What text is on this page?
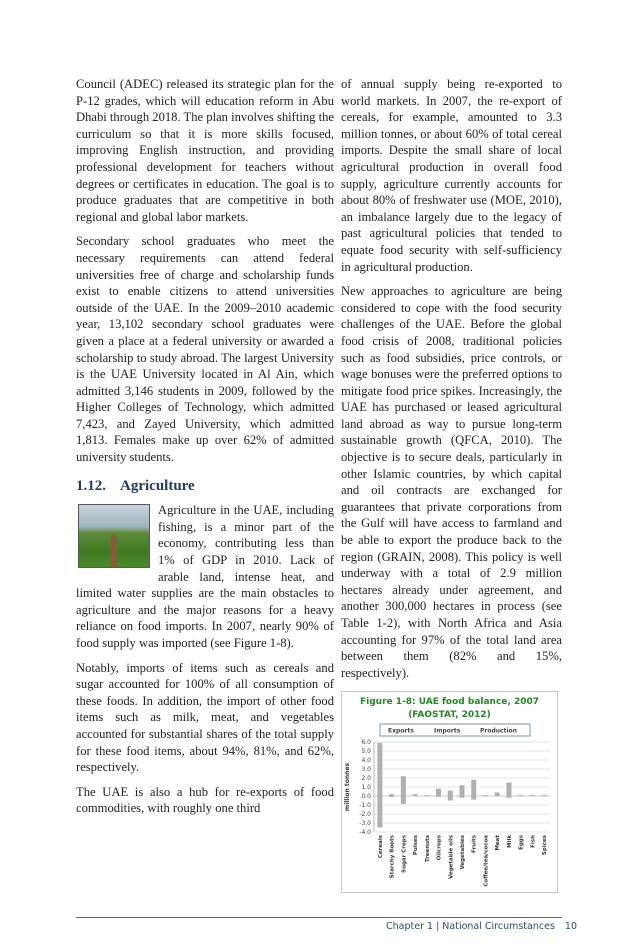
Council (ADEC) released its strategic plan for the P-12 grades, which will education reform in Abu Dhabi through 2018. The plan involves shifting the curriculum so that it is more skills focused, improving English instruction, and providing professional development for teachers without degrees or certificates in education. The goal is to produce graduates that are competitive in both regional and global labor markets.

Secondary school graduates who meet the necessary requirements can attend federal universities free of charge and scholarship funds exist to enable citizens to attend universities outside of the UAE. In the 2009–2010 academic year, 13,102 secondary school graduates were given a place at a federal university or awarded a scholarship to study abroad. The largest University is the UAE University located in Al Ain, which admitted 3,146 students in 2009, followed by the Higher Colleges of Technology, which admitted 7,423, and Zayed University, which admitted 1,813. Females make up over 62% of admitted university students.

1.12. Agriculture

Agriculture in the UAE, including fishing, is a minor part of the economy, contributing less than 1% of GDP in 2010. Lack of arable land, intense heat, and limited water supplies are the main obstacles to agriculture and the major reasons for a heavy reliance on food imports. In 2007, nearly 90% of food supply was imported (see Figure 1-8).

Notably, imports of items such as cereals and sugar accounted for 100% of all consumption of these foods. In addition, the import of other food items such as milk, meat, and vegetables accounted for substantial shares of the total supply for these food items, about 94%, 81%, and 62%, respectively.

The UAE is also a hub for re-exports of food commodities, with roughly one third

of annual supply being re-exported to world markets. In 2007, the re-export of cereals, for example, amounted to 3.3 million tonnes, or about 60% of total cereal imports. Despite the small share of local agricultural production in overall food supply, agriculture currently accounts for about 80% of freshwater use (MOE, 2010), an imbalance largely due to the legacy of past agricultural policies that tended to equate food security with self-sufficiency in agricultural production.

New approaches to agriculture are being considered to cope with the food security challenges of the UAE. Before the global food crisis of 2008, traditional policies such as food subsidies, price controls, or wage bonuses were the preferred options to mitigate food price spikes. Increasingly, the UAE has purchased or leased agricultural land abroad as way to pursue long-term sustainable growth (QFCA, 2010). The objective is to secure deals, particularly in other Islamic countries, by which capital and oil contracts are exchanged for guarantees that private corporations from the Gulf will have access to farmland and be able to export the produce back to the region (GRAIN, 2008). This policy is well underway with a total of 2.9 million hectares already under agreement, and another 300,000 hectares in process (see Table 1-2), with North Africa and Asia accounting for 97% of the total land area between them (82% and 15%, respectively).

Figure 1-8: UAE food balance, 2007
(FAOSTAT, 2012)
Exports	Imports	Production
6.0
5.0
4.0
3.0
2.0
1.0
0.0
-1.0
-2.0
-3.0
-4.0
million tonnes
Cereals Starchy Roots Sugar Crops Pulses Treenuts Oilcrops Vegetable oils Vegetables Fruits Coffee/tea/cocoa Meat Milk Eggs Fish Spices
Chapter 1 | National Circumstances 10
